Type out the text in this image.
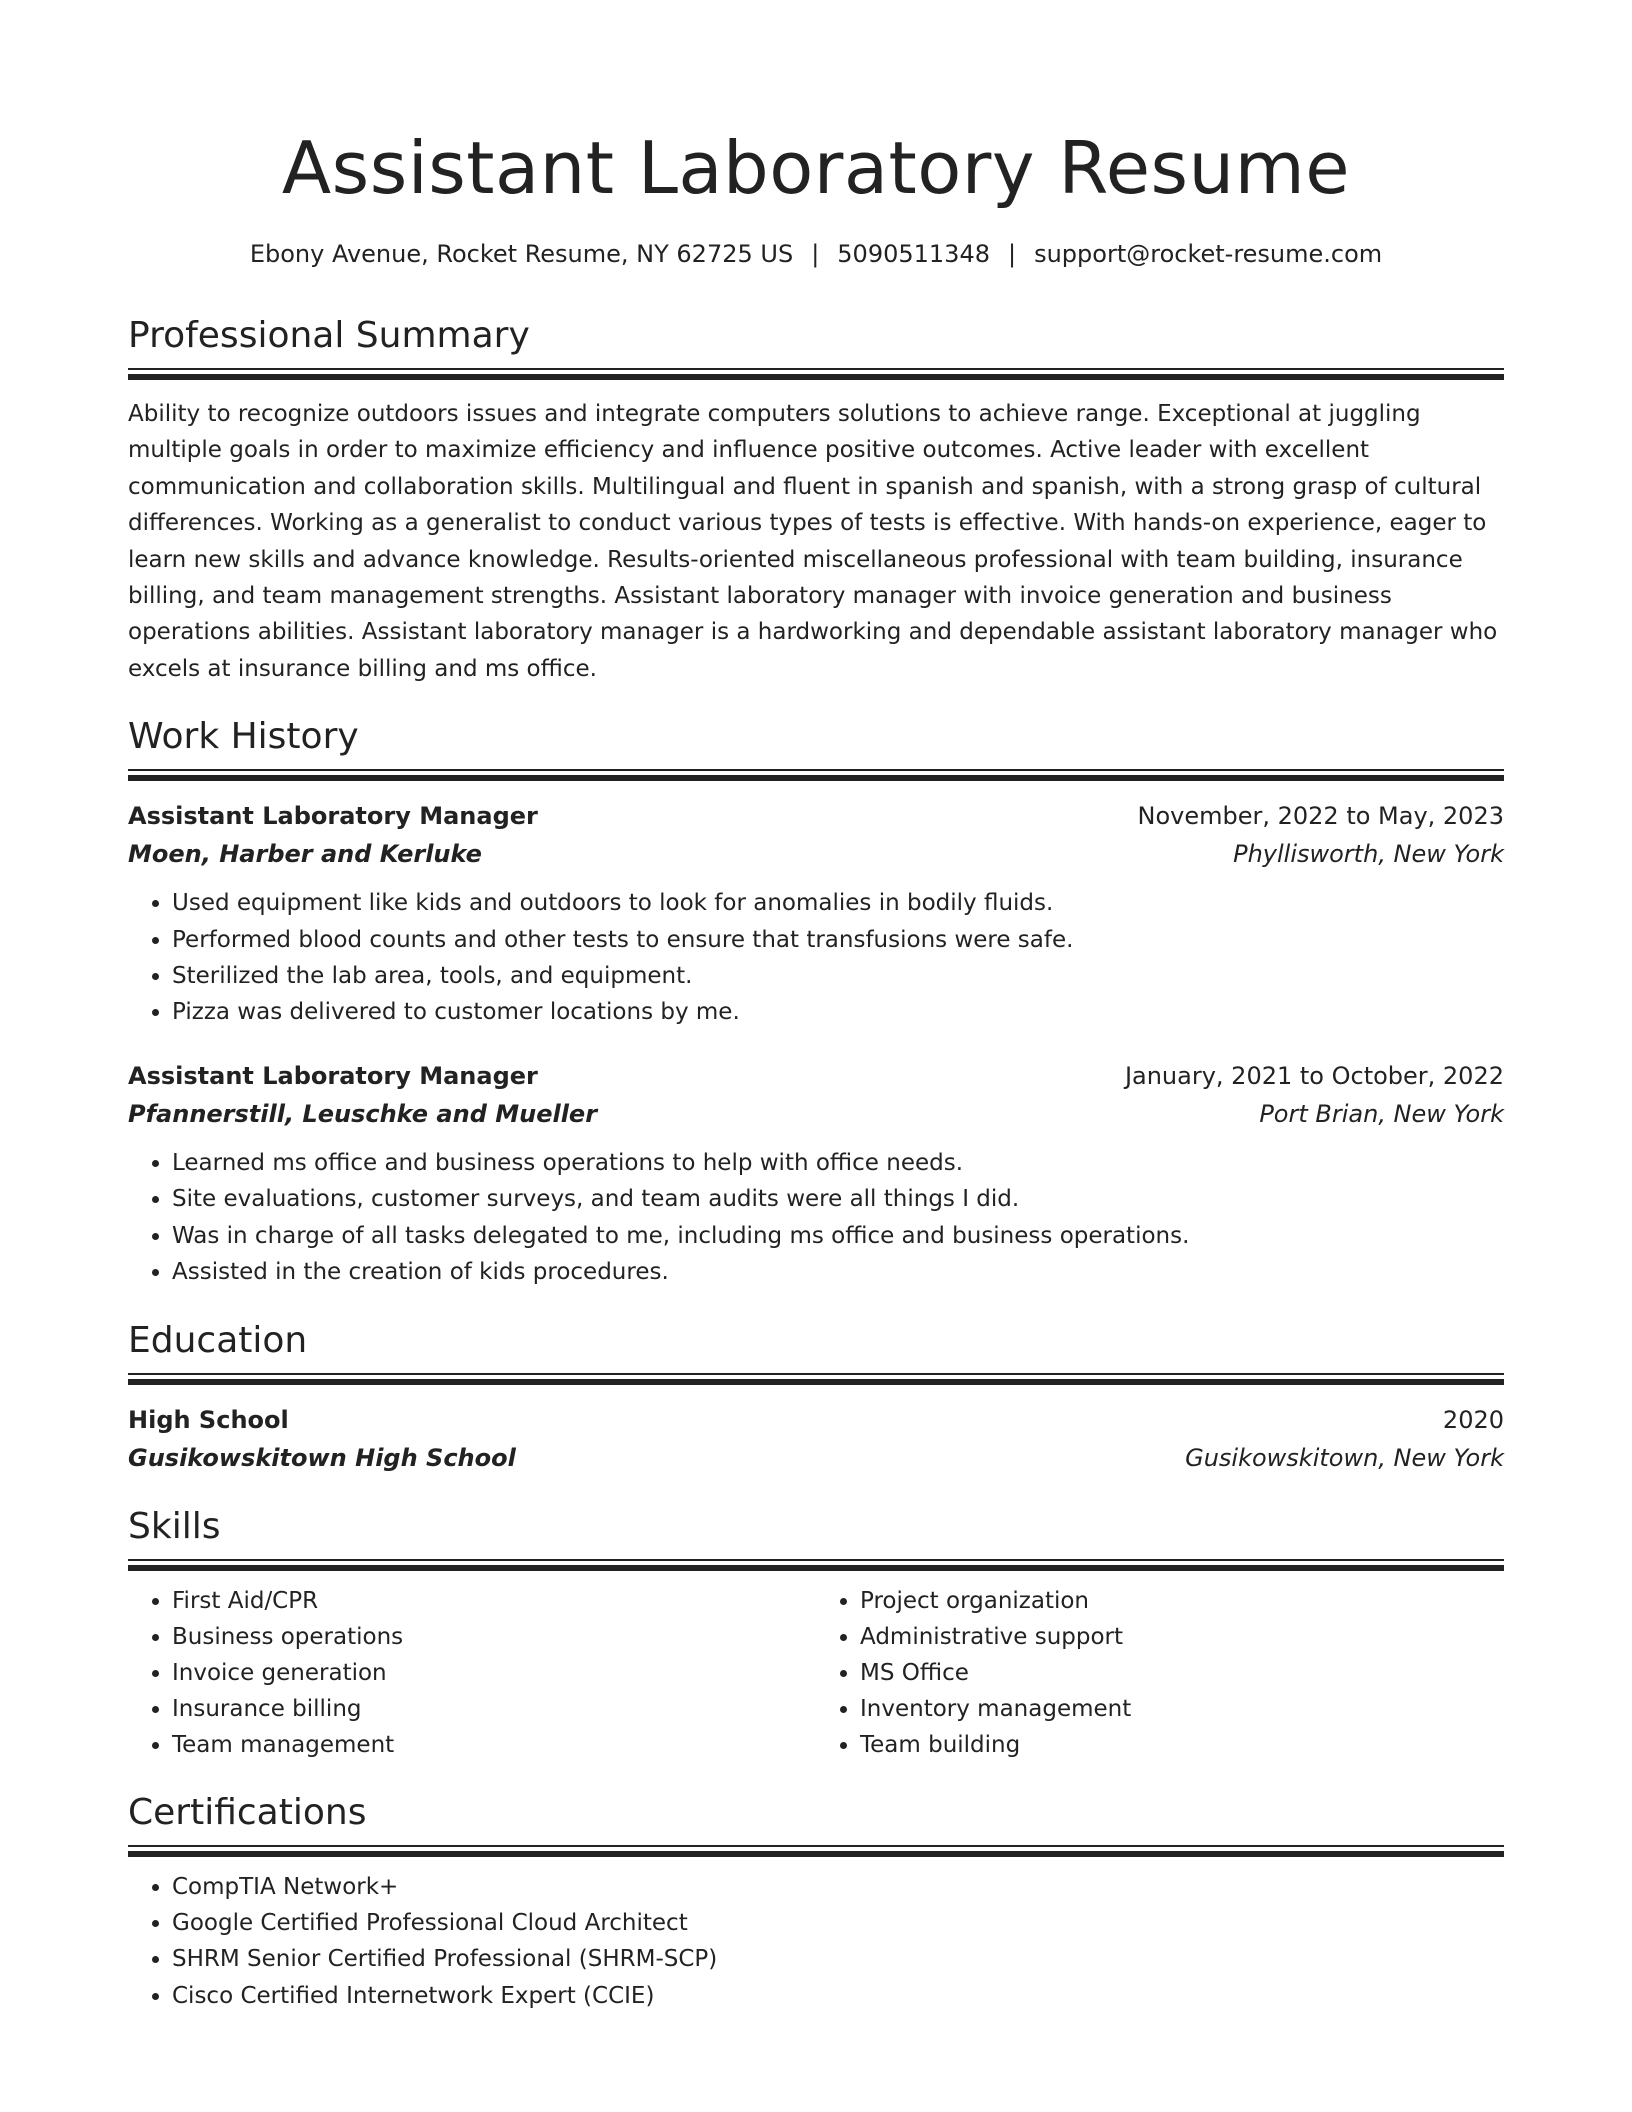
Assistant Laboratory Resume
Ebony Avenue, Rocket Resume, NY 62725 US | 5090511348 | support@rocket-resume.com
Professional Summary

Ability to recognize outdoors issues and integrate computers solutions to achieve range. Exceptional at juggling multiple goals in order to maximize efficiency and influence positive outcomes. Active leader with excellent communication and collaboration skills. Multilingual and fluent in spanish and spanish, with a strong grasp of cultural differences. Working as a generalist to conduct various types of tests is effective. With hands-on experience, eager to learn new skills and advance knowledge. Results-oriented miscellaneous professional with team building, insurance billing, and team management strengths. Assistant laboratory manager with invoice generation and business operations abilities. Assistant laboratory manager is a hardworking and dependable assistant laboratory manager who excels at insurance billing and ms office.

Work History
Assistant Laboratory Manager	November, 2022 to May, 2023
Moen, Harber and Kerluke	Phyllisworth, New York
• Used equipment like kids and outdoors to look for anomalies in bodily fluids.
• Performed blood counts and other tests to ensure that transfusions were safe.
• Sterilized the lab area, tools, and equipment.
• Pizza was delivered to customer locations by me.
Assistant Laboratory Manager	January, 2021 to October, 2022
Pfannerstill, Leuschke and Mueller	Port Brian, New York
• Learned ms office and business operations to help with office needs.
• Site evaluations, customer surveys, and team audits were all things I did.
• Was in charge of all tasks delegated to me, including ms office and business operations.
• Assisted in the creation of kids procedures.
Education
High School	2020
Gusikowskitown High School	Gusikowskitown, New York
Skills
• First Aid/CPR
• Business operations
• Invoice generation
• Insurance billing
• Team management
• Project organization
• Administrative support
• MS Office
• Inventory management
• Team building
Certifications
• CompTIA Network+
• Google Certified Professional Cloud Architect
• SHRM Senior Certified Professional (SHRM-SCP)
• Cisco Certified Internetwork Expert (CCIE)
